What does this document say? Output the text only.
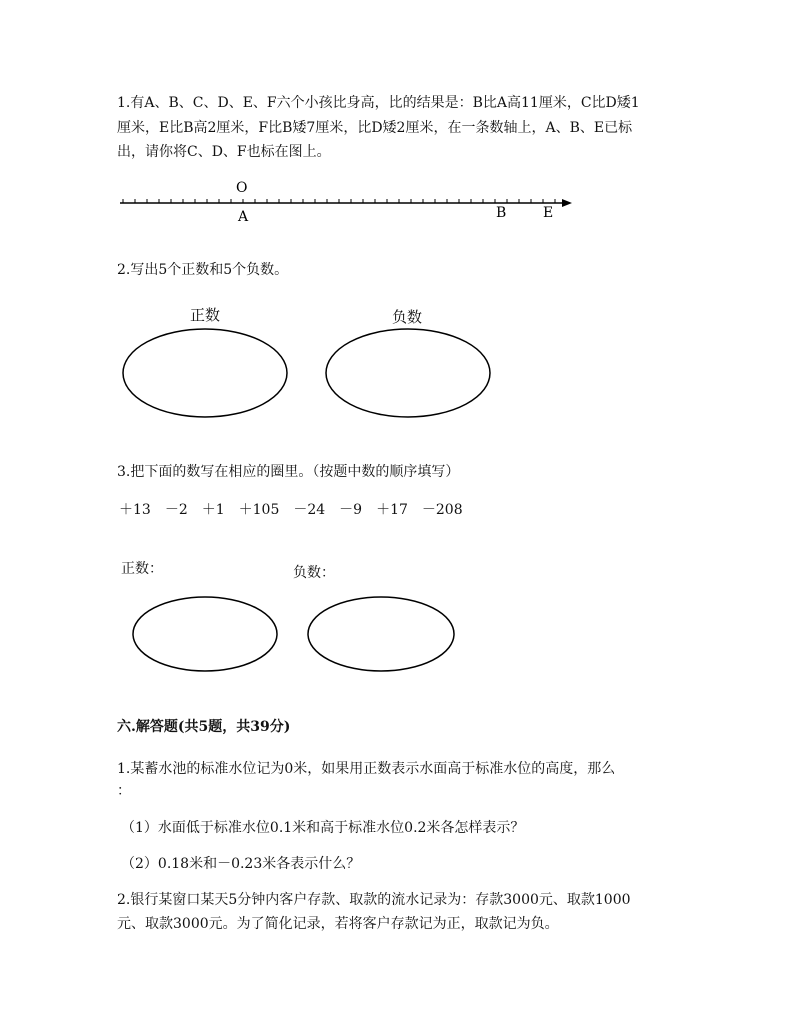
1.有A、B、C、D、E、F六个小孩比身高，比的结果是：B比A高11厘米，C比D矮1
厘米，E比B高2厘米，F比B矮7厘米，比D矮2厘米，在一条数轴上，A、B、E已标
出，请你将C、D、F也标在图上。
O
A	B	E
2.写出5个正数和5个负数。
正数	负数
3.把下面的数写在相应的圈里。（按题中数的顺序填写）
＋13　－2　＋1　＋105　－24　－9　＋17　－208
正数：	负数：
六.解答题(共5题，共39分)
1.某蓄水池的标准水位记为0米，如果用正数表示水面高于标准水位的高度，那么
：
（1）水面低于标准水位0.1米和高于标准水位0.2米各怎样表示？
（2）0.18米和－0.23米各表示什么？
2.银行某窗口某天5分钟内客户存款、取款的流水记录为：存款3000元、取款1000
元、取款3000元。为了简化记录，若将客户存款记为正，取款记为负。
